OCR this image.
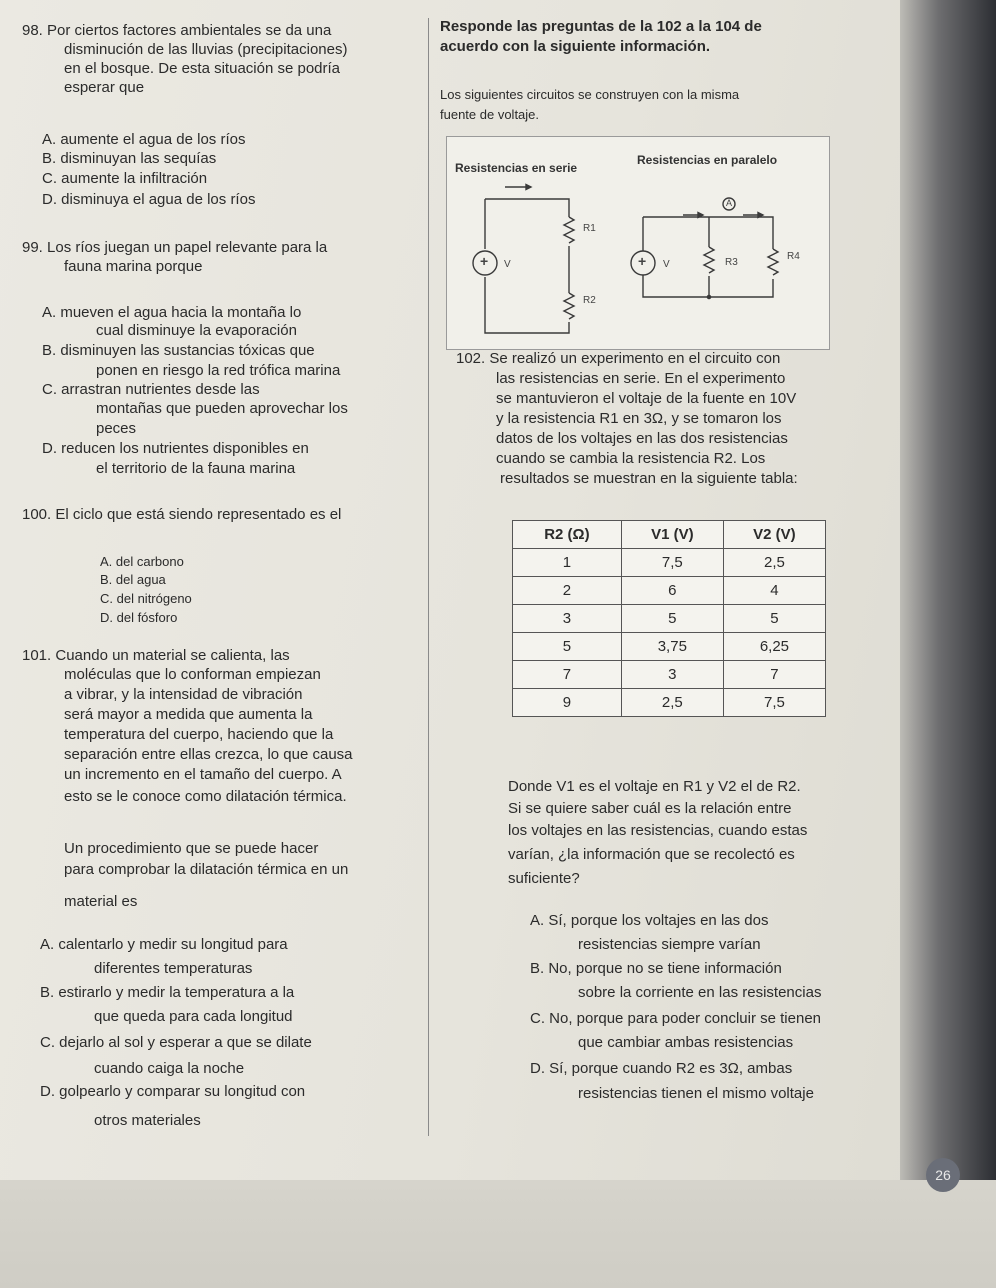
98. Por ciertos factores ambientales se da una
disminución de las lluvias (precipitaciones)
en el bosque. De esta situación se podría
esperar que
A. aumente el agua de los ríos
B. disminuyan las sequías
C. aumente la infiltración
D. disminuya el agua de los ríos
99. Los ríos juegan un papel relevante para la
fauna marina porque
A. mueven el agua hacia la montaña lo
cual disminuye la evaporación
B. disminuyen las sustancias tóxicas que
ponen en riesgo la red trófica marina
C. arrastran nutrientes desde las
montañas que pueden aprovechar los
peces
D. reducen los nutrientes disponibles en
el territorio de la fauna marina
100. El ciclo que está siendo representado es el
A. del carbono
B. del agua
C. del nitrógeno
D. del fósforo
101. Cuando un material se calienta, las
moléculas que lo conforman empiezan
a vibrar, y la intensidad de vibración
será mayor a medida que aumenta la
temperatura del cuerpo, haciendo que la
separación entre ellas crezca, lo que causa
un incremento en el tamaño del cuerpo. A
esto se le conoce como dilatación térmica.
Un procedimiento que se puede hacer
para comprobar la dilatación térmica en un
material es
A. calentarlo y medir su longitud para
diferentes temperaturas
B. estirarlo y medir la temperatura a la
que queda para cada longitud
C. dejarlo al sol y esperar a que se dilate
cuando caiga la noche
D. golpearlo y comparar su longitud con
otros materiales
Responde las preguntas de la 102 a la 104 de
acuerdo con la siguiente información.
Los siguientes circuitos se construyen con la misma
fuente de voltaje.
Resistencias en serie
Resistencias en paralelo
+ V
R1
R2
+ V	R3
R4
A
102. Se realizó un experimento en el circuito con
las resistencias en serie. En el experimento
se mantuvieron el voltaje de la fuente en 10V
y la resistencia R1 en 3Ω, y se tomaron los
datos de los voltajes en las dos resistencias
cuando se cambia la resistencia R2. Los
resultados se muestran en la siguiente tabla:
R2 (Ω)	V1 (V)	V2 (V)
1	7,5	2,5
2	6	4
3	5	5
5	3,75	6,25
7	3	7
9	2,5	7,5
Donde V1 es el voltaje en R1 y V2 el de R2.
Si se quiere saber cuál es la relación entre
los voltajes en las resistencias, cuando estas
varían, ¿la información que se recolectó es
suficiente?
A. Sí, porque los voltajes en las dos
resistencias siempre varían
B. No, porque no se tiene información
sobre la corriente en las resistencias
C. No, porque para poder concluir se tienen
que cambiar ambas resistencias
D. Sí, porque cuando R2 es 3Ω, ambas
resistencias tienen el mismo voltaje
26
